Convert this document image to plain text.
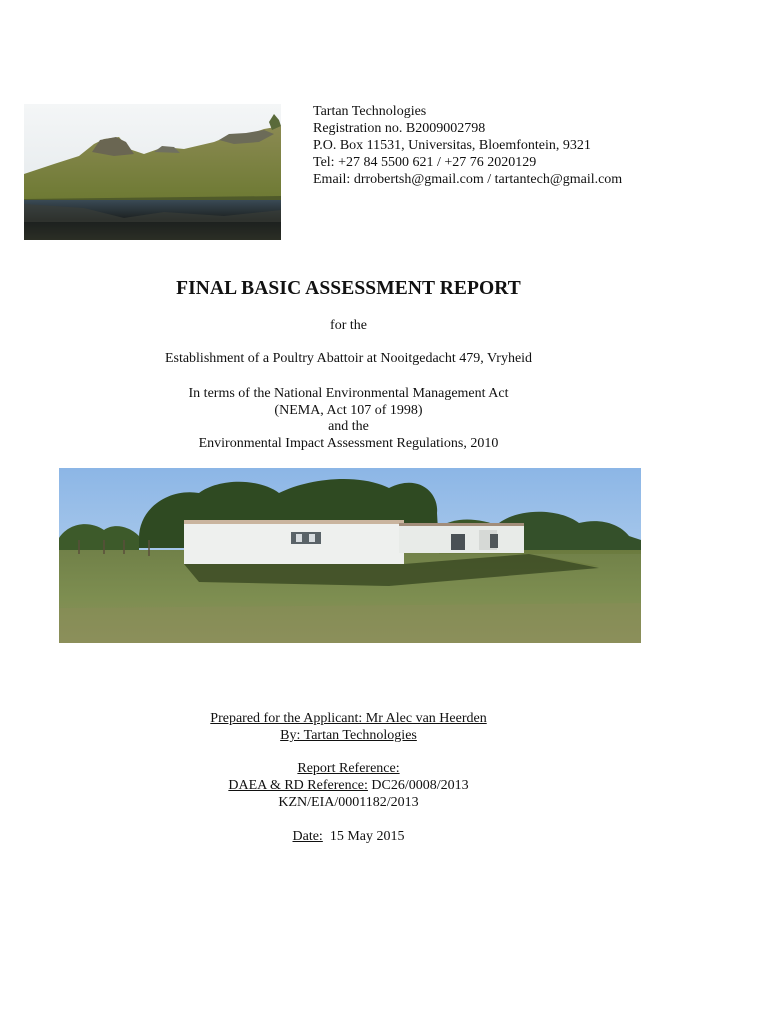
Tartan Technologies
Registration no. B2009002798
P.O. Box 11531, Universitas, Bloemfontein, 9321
Tel: +27 84 5500 621 / +27 76 2020129
Email: drrobertsh@gmail.com / tartantech@gmail.com
FINAL BASIC ASSESSMENT REPORT
for the
Establishment of a Poultry Abattoir at Nooitgedacht 479, Vryheid
In terms of the National Environmental Management Act
(NEMA, Act 107 of 1998)
and the
Environmental Impact Assessment Regulations, 2010
Prepared for the Applicant: Mr Alec van Heerden
By: Tartan Technologies
Report Reference:
DAEA & RD Reference: DC26/0008/2013
KZN/EIA/0001182/2013
Date:  15 May 2015
